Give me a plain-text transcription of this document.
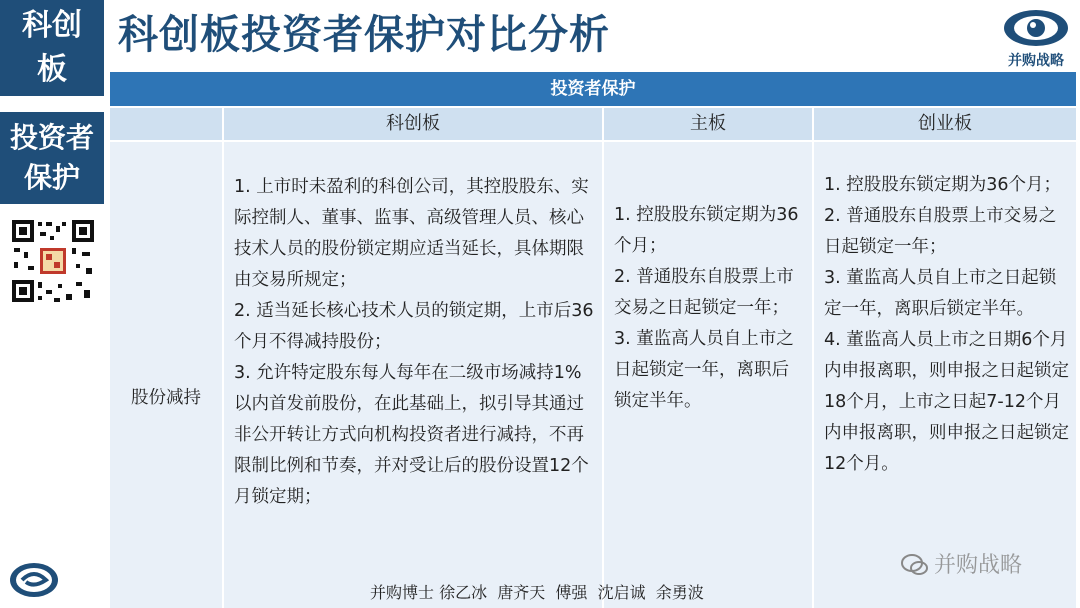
科创板
投资者保护
科创板投资者保护对比分析
并购战略
投资者保护
科创板	主板	创业板
股份减持
1. 上市时未盈利的科创公司，其控股股东、实际控制人、董事、监事、高级管理人员、核心技术人员的股份锁定期应适当延长，具体期限由交易所规定；
2. 适当延长核心技术人员的锁定期，上市后36个月不得减持股份；
3. 允许特定股东每人每年在二级市场减持1%以内首发前股份，在此基础上，拟引导其通过非公开转让方式向机构投资者进行减持，不再限制比例和节奏，并对受让后的股份设置12个月锁定期；
1. 控股股东锁定期为36个月；
2. 普通股东自股票上市交易之日起锁定一年；
3. 董监高人员自上市之日起锁定一年，离职后锁定半年。
1. 控股股东锁定期为36个月；
2. 普通股东自股票上市交易之日起锁定一年；
3. 董监高人员自上市之日起锁定一年，离职后锁定半年。
4. 董监高人员上市之日期6个月内申报离职，则申报之日起锁定18个月，上市之日起7-12个月内申报离职，则申报之日起锁定12个月。
并购博士 徐乙冰  唐齐天  傅强  沈启诚  余勇波
并购战略
